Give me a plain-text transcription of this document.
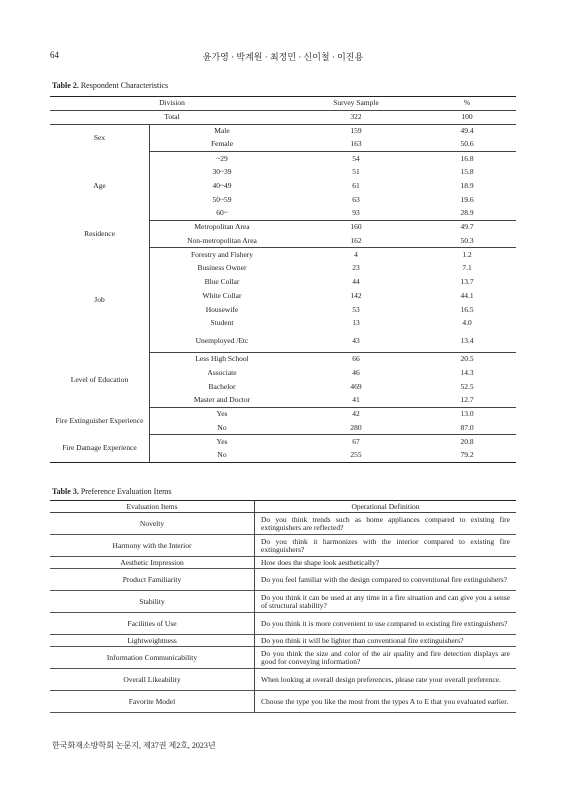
64	윤가영 · 박계원 · 최정민 · 신이철 · 이진용
Table 2. Respondent Characteristics
Division		Survey Sample	%
Total		322	100
Sex	Male	159	49.4
	Female	163	50.6
Age	~29	54	16.8
	30~39	51	15.8
	40~49	61	18.9
	50~59	63	19.6
	60~	93	28.9
Residence	Metropolitan Area	160	49.7
	Non-metropolitan Area	162	50.3
Job	Forestry and Fishery	4	1.2
	Business Owner	23	7.1
	Blue Collar	44	13.7
	White Collar	142	44.1
	Housewife	53	16.5
	Student	13	4.0
	Unemployed /Etc	43	13.4
Level of Education	Less High School	66	20.5
	Associate	46	14.3
	Bachelor	469	52.5
	Master and Doctor	41	12.7
Fire Extinguisher Experience	Yes	42	13.0
	No	280	87.0
Fire Damage Experience	Yes	67	20.8
	No	255	79.2
Table 3. Preference Evaluation Items
Evaluation Items	Operational Definition
Novelty	Do you think trends such as home appliances compared to existing fire extinguishers are reflected?
Harmony with the Interior	Do you think it harmonizes with the interior compared to existing fire extinguishers?
Aesthetic Impression	How does the shape look aesthetically?
Product Familiarity	Do you feel familiar with the design compared to conventional fire extinguishers?
Stability	Do you think it can be used at any time in a fire situation and can give you a sense of structural stability?
Facilities of Use	Do you think it is more convenient to use compared to existing fire extinguishers?
Lightweightness	Do you think it will be lighter than conventional fire extinguishers?
Information Communicability	Do you think the size and color of the air quality and fire detection displays are good for conveying information?
Overall Likeability	When looking at overall design preferences, please rate your overall preference.
Favorite Model	Choose the type you like the most from the types A to E that you evaluated earlier.
한국화재소방학회 논문지, 제37권 제2호, 2023년
